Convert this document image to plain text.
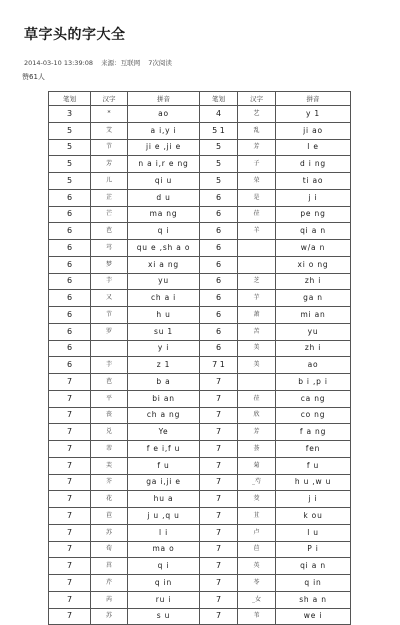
草字头的字大全
2014-03-10 13:39:08 来源：互联网 7次阅读
赞61人
笔划	汉字	拼音	笔划	汉字	拼音
3	*	ao	4	艺	y 1
5	艾	a i,y i	5 1	乱	ji ao
5	节	ji e ,ji e	5	芳	l e
5	芳	n a i,r e ng	5	子	d i ng
5	儿	qi u	5	荣	ti ao
6	芷	d u	6	是	j i
6	芒	ma ng	6	莅	pe ng
6	芭	q i	6	羊	qi a n
6	芎	qu e ,sh a o	6		w/a n
6	梦	xi a ng	6		xi o ng
6	芋	yu	6	芝	zh i
6	又	ch a i	6	芋	ga n
6	节	h u	6	萧	mi an
6	罗	su 1	6	苦	yu
6		y i	6	美	zh i
6	芋	z 1	7 1	美	ao
7	芭	b a	7		b i ,p i
7	平	bi an	7	莅	ca ng
7	丧	ch a ng	7	欣	co ng
7	兑	Ye	7	芳	f a ng
7	芾	f e i,f u	7	荟	fen
7	芙	f u	7	菊	f u
7	芥	ga i,ji e	7	_芍	h u ,w u
7	花	hu a	7	茭	j i
7	苣	j u ,q u	7	苴	k ou
7	苏	l i	7	卢	l u
7	荀	ma o	7	苣	P i
7	莒	q i	7	英	qi a n
7	芹	q in	7	苓	q in
7	芮	ru i	7	_女	sh a n
7	苏	s u	7	苇	we i
